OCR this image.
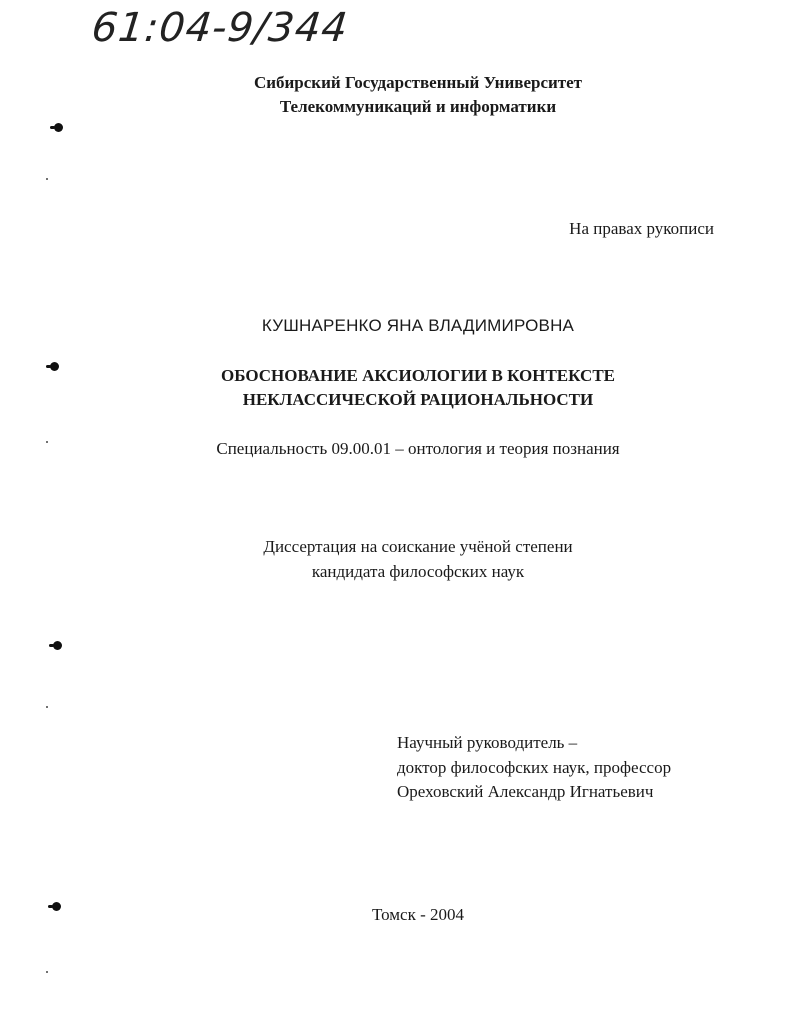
61:04-9/344
Сибирский Государственный Университет
Телекоммуникаций и информатики
На правах рукописи
КУШНАРЕНКО ЯНА ВЛАДИМИРОВНА
ОБОСНОВАНИЕ АКСИОЛОГИИ В КОНТЕКСТЕ
НЕКЛАССИЧЕСКОЙ РАЦИОНАЛЬНОСТИ
Специальность 09.00.01 – онтология и теория познания
Диссертация на соискание учёной степени
кандидата философских наук
Научный руководитель –
доктор философских наук, профессор
Ореховский Александр Игнатьевич
Томск - 2004
